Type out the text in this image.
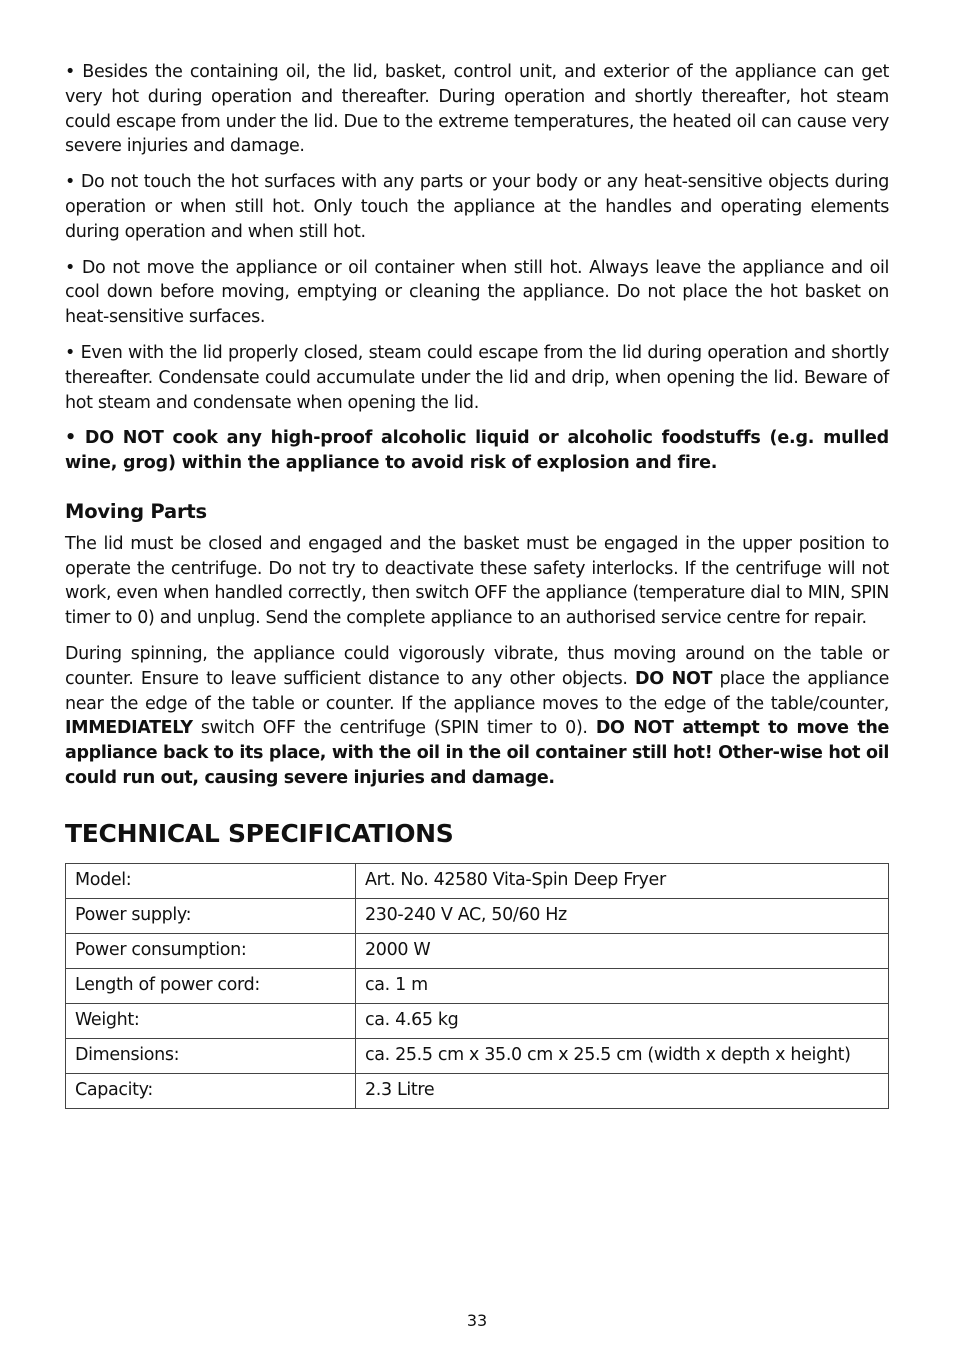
• Besides the containing oil, the lid, basket, control unit, and exterior of the appliance can get very hot during operation and thereafter. During operation and shortly thereafter, hot steam could escape from under the lid. Due to the extreme temperatures, the heated oil can cause very severe injuries and damage.

• Do not touch the hot surfaces with any parts or your body or any heat-sensitive objects during operation or when still hot. Only touch the appliance at the handles and operating elements during operation and when still hot.

• Do not move the appliance or oil container when still hot. Always leave the appliance and oil cool down before moving, emptying or cleaning the appliance. Do not place the hot basket on heat-sensitive surfaces.

• Even with the lid properly closed, steam could escape from the lid during operation and shortly thereafter. Condensate could accumulate under the lid and drip, when opening the lid. Beware of hot steam and condensate when opening the lid.

• DO NOT cook any high-proof alcoholic liquid or alcoholic foodstuffs (e.g. mulled wine, grog) within the appliance to avoid risk of explosion and fire.

Moving Parts

The lid must be closed and engaged and the basket must be engaged in the upper position to operate the centrifuge. Do not try to deactivate these safety interlocks. If the centrifuge will not work, even when handled correctly, then switch OFF the appliance (temperature dial to MIN, SPIN timer to 0) and unplug. Send the complete appliance to an authorised service centre for repair.

During spinning, the appliance could vigorously vibrate, thus moving around on the table or counter. Ensure to leave sufficient distance to any other objects. DO NOT place the appliance near the edge of the table or counter. If the appliance moves to the edge of the table/counter, IMMEDIATELY switch OFF the centrifuge (SPIN timer to 0). DO NOT attempt to move the appliance back to its place, with the oil in the oil container still hot! Other-wise hot oil could run out, causing severe injuries and damage.

TECHNICAL SPECIFICATIONS
Model:	Art. No. 42580 Vita-Spin Deep Fryer
Power supply:	230-240 V AC, 50/60 Hz
Power consumption:	2000 W
Length of power cord:	ca. 1 m
Weight:	ca. 4.65 kg
Dimensions:	ca. 25.5 cm x 35.0 cm x 25.5 cm (width x depth x height)
Capacity:	2.3 Litre
33
